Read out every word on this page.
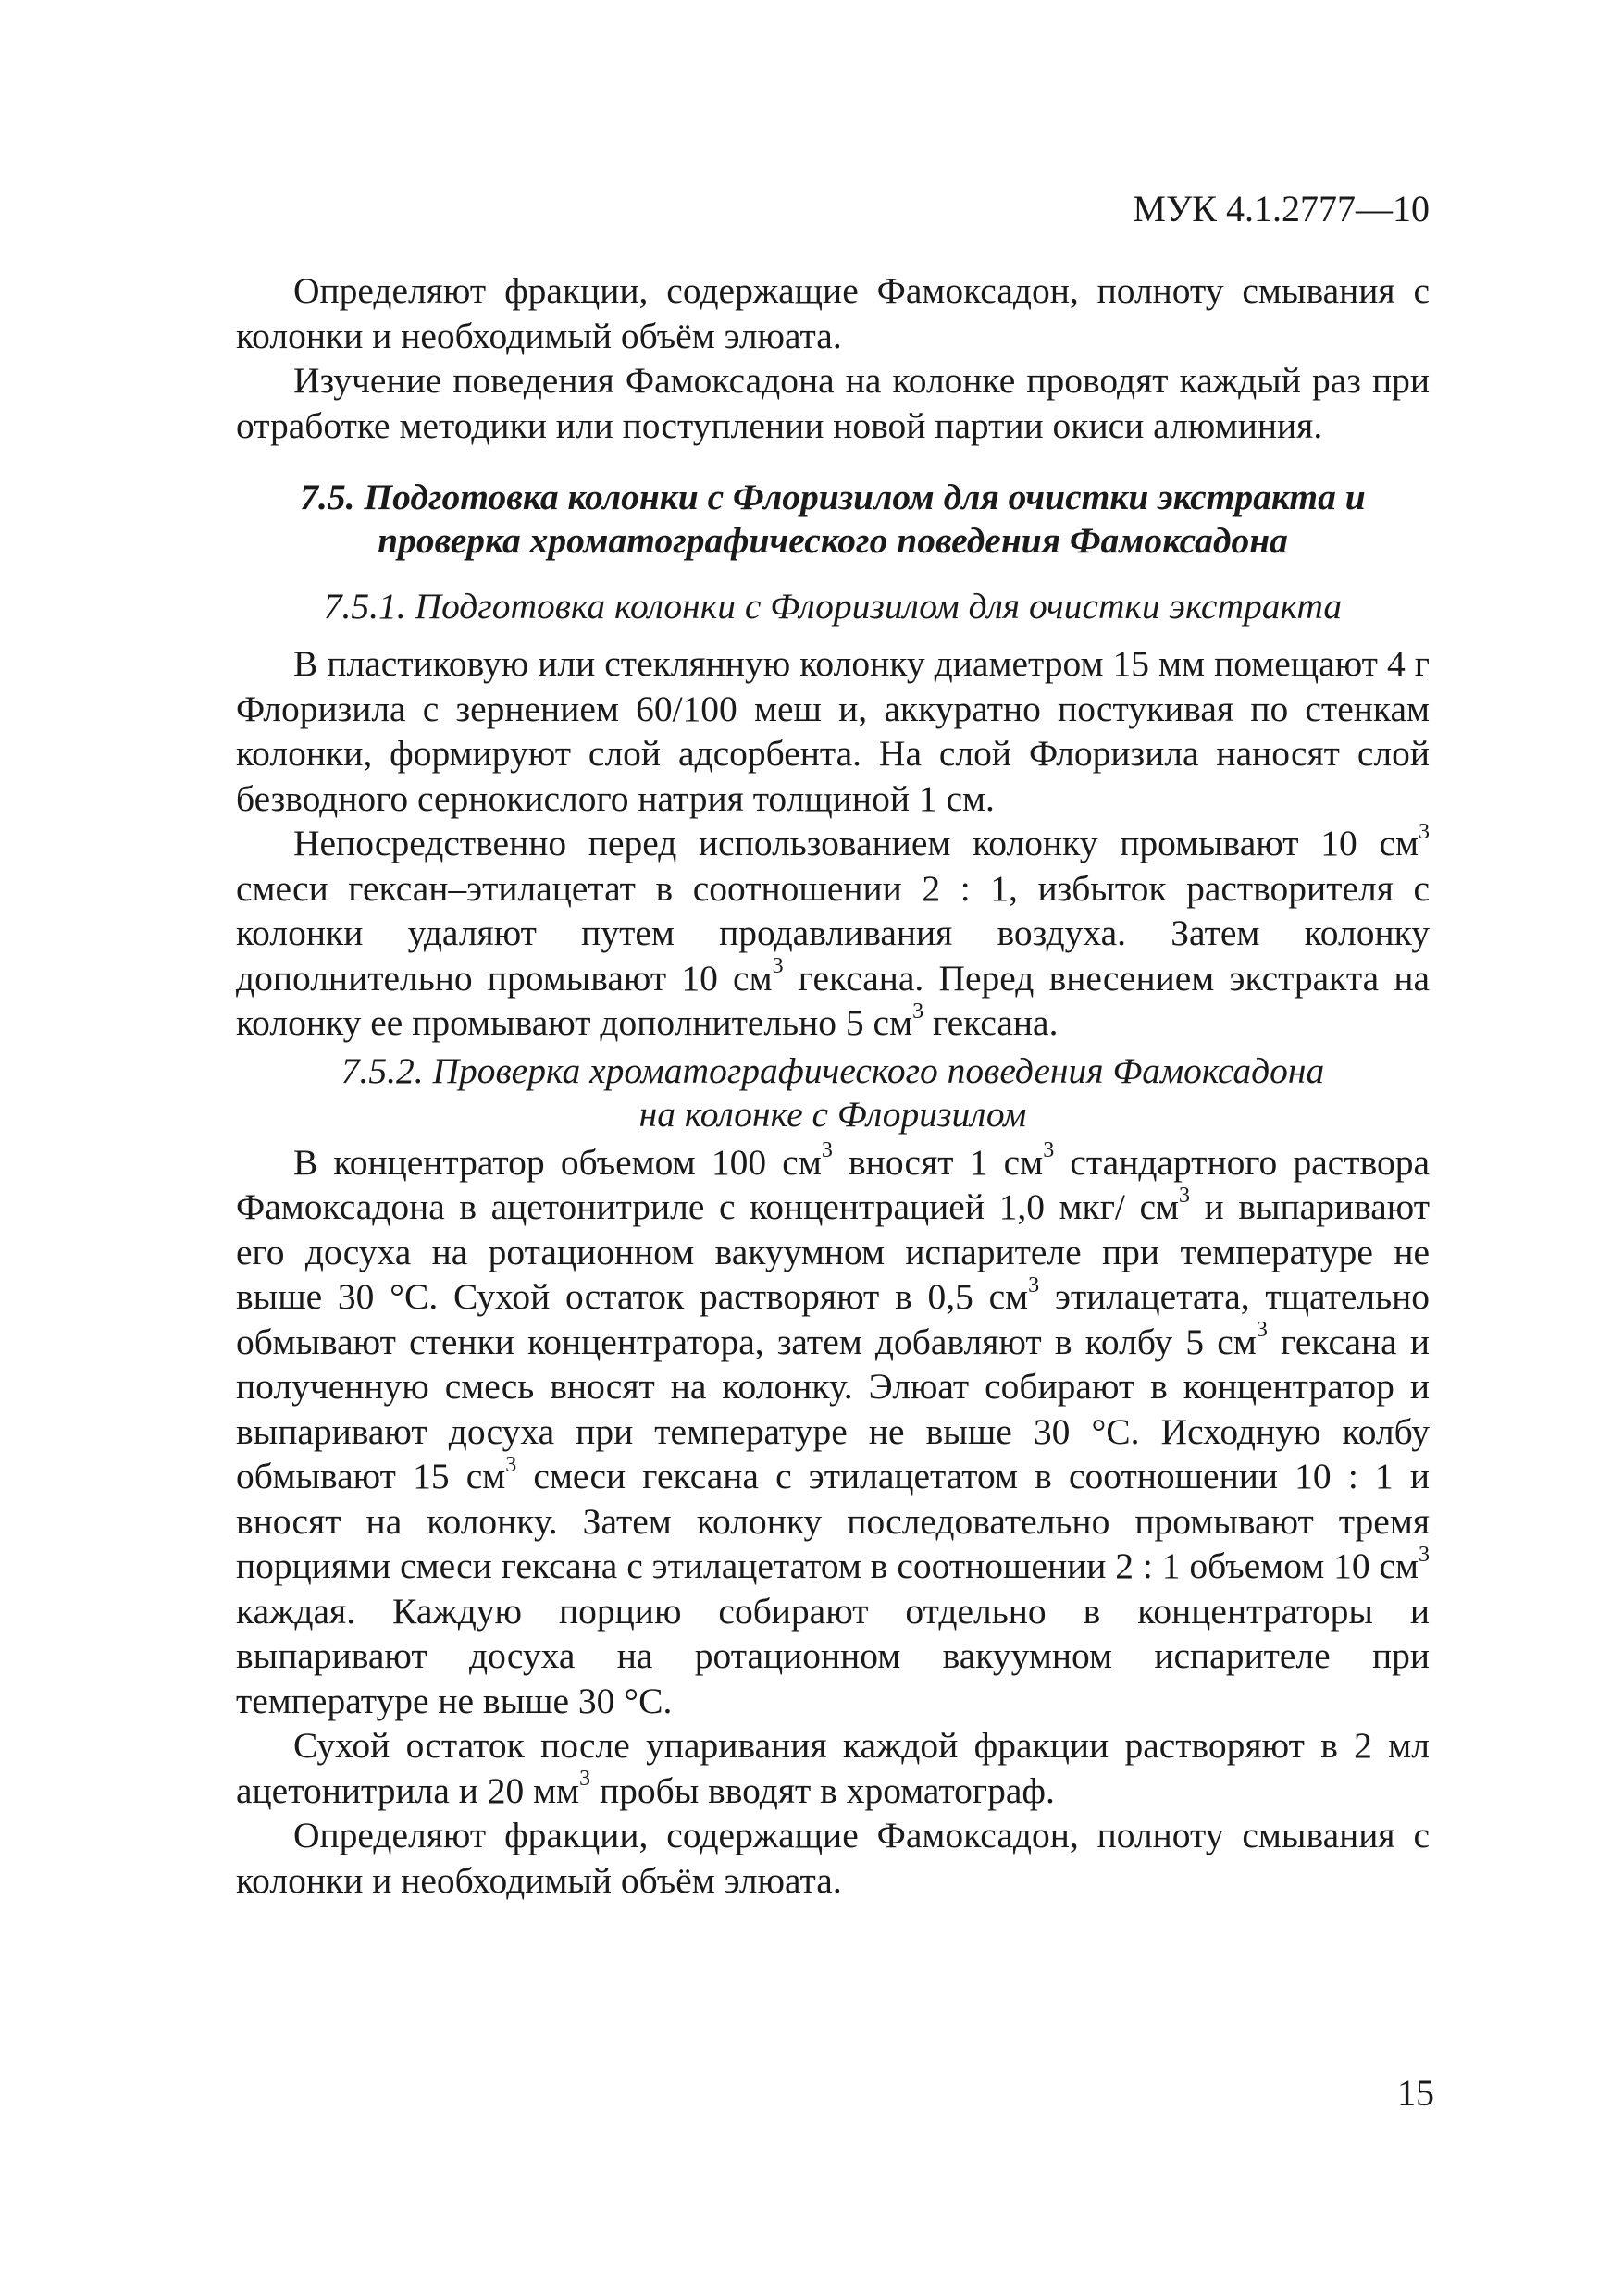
МУК 4.1.2777—10

Определяют фракции, содержащие Фамоксадон, полноту смывания с колонки и необходимый объём элюата.

Изучение поведения Фамоксадона на колонке проводят каждый раз при отработке методики или поступлении новой партии окиси алюминия.

7.5. Подготовка колонки с Флоризилом для очистки экстракта и
проверка хроматографического поведения Фамоксадона

7.5.1. Подготовка колонки с Флоризилом для очистки экстракта

В пластиковую или стеклянную колонку диаметром 15 мм помещают 4 г Флоризила с зернением 60/100 меш и, аккуратно постукивая по стенкам колонки, формируют слой адсорбента. На слой Флоризила наносят слой безводного сернокислого натрия толщиной 1 см.

Непосредственно перед использованием колонку промывают 10 $см^3$ смеси гексан–этилацетат в соотношении 2 : 1, избыток растворителя с колонки удаляют путем продавливания воздуха. Затем колонку дополнительно промывают 10 $см^3$ гексана. Перед внесением экстракта на колонку ее промывают дополнительно 5 $см^3$ гексана.

7.5.2. Проверка хроматографического поведения Фамоксадона
на колонке с Флоризилом

В концентратор объемом 100 $см^3$ вносят 1 $см^3$ стандартного раствора Фамоксадона в ацетонитриле с концентрацией 1,0 мкг/ $см^3$ и выпаривают его досуха на ротационном вакуумном испарителе при температуре не выше 30 °С. Сухой остаток растворяют в 0,5 $см^3$ этилацетата, тщательно обмывают стенки концентратора, затем добавляют в колбу 5 $см^3$ гексана и полученную смесь вносят на колонку. Элюат собирают в концентратор и выпаривают досуха при температуре не выше 30 °С. Исходную колбу обмывают 15 $см^3$ смеси гексана с этилацетатом в соотношении 10 : 1 и вносят на колонку. Затем колонку последовательно промывают тремя порциями смеси гексана с этилацетатом в соотношении 2 : 1 объемом 10 $см^3$ каждая. Каждую порцию собирают отдельно в концентраторы и выпаривают досуха на ротационном вакуумном испарителе при температуре не выше 30 °С.

Сухой остаток после упаривания каждой фракции растворяют в 2 мл ацетонитрила и 20 $мм^3$ пробы вводят в хроматограф.

Определяют фракции, содержащие Фамоксадон, полноту смывания с колонки и необходимый объём элюата.

15
